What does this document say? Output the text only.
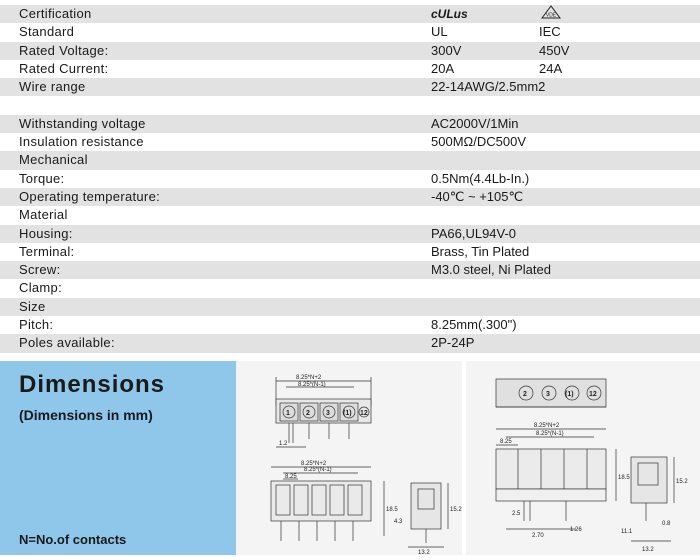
Certification	cULus	VDE
Standard	UL	IEC
Rated Voltage:	300V	450V
Rated Current:	20A	24A
Wire range	22-14AWG/2.5mm2
Withstanding voltage	AC2000V/1Min
Insulation resistance	500MΩ/DC500V
Mechanical
Torque:	0.5Nm(4.4Lb-In.)
Operating temperature:	-40℃ ~ +105℃
Material
Housing:	PA66,UL94V-0
Terminal:	Brass, Tin Plated
Screw:	M3.0 steel, Ni Plated
Clamp:
Size
Pitch:	8.25mm(.300")
Poles available:	2P-24P
Dimensions
(Dimensions in mm)
N=No.of contacts
8.25*N+2
8.25*(N-1)
1.2
8.25*N+2
8.25*(N-1)
8.25
18.5
4.3
15.2
13.2
1 2 3 (1) 12
8.25*N+2
8.25*(N-1)
8.25
18.5
15.2
2.5
2.70
1.26	11.1
0.8
13.2
2	3 (1) 12
